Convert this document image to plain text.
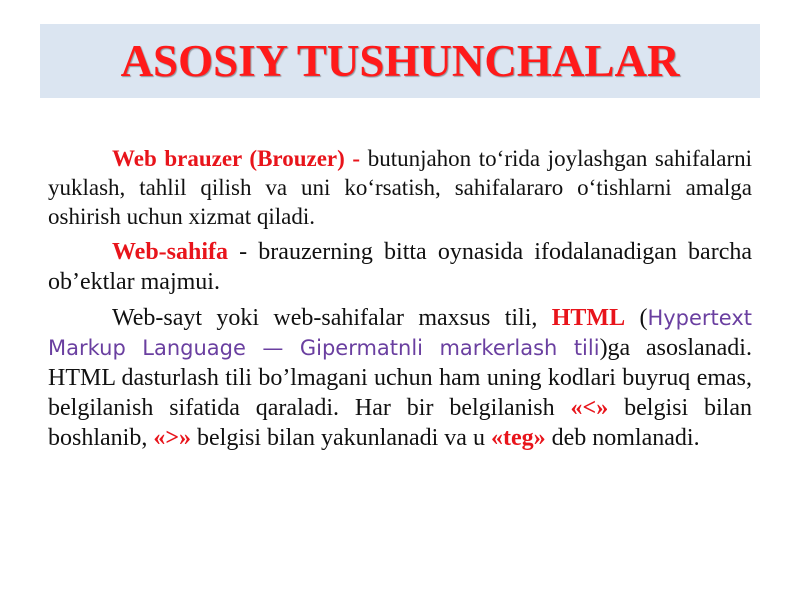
ASOSIY TUSHUNCHALAR

Web brauzer (Brouzer) - butunjahon to‘rida joylashgan sahifalarni yuklash, tahlil qilish va uni ko‘rsatish, sahifalararo o‘tishlarni amalga oshirish uchun xizmat qiladi.

Web-sahifa - brauzerning bitta oynasida ifodalanadigan barcha ob’ektlar majmui.

Web-sayt yoki web-sahifalar maxsus tili, HTML (Hypertext Markup Language — Gipermatnli markerlash tili)ga asoslanadi. HTML dasturlash tili bo’lmagani uchun ham uning kodlari buyruq emas, belgilanish sifatida qaraladi. Har bir belgilanish «<» belgisi bilan boshlanib, «>» belgisi bilan yakunlanadi va u «teg» deb nomlanadi.
